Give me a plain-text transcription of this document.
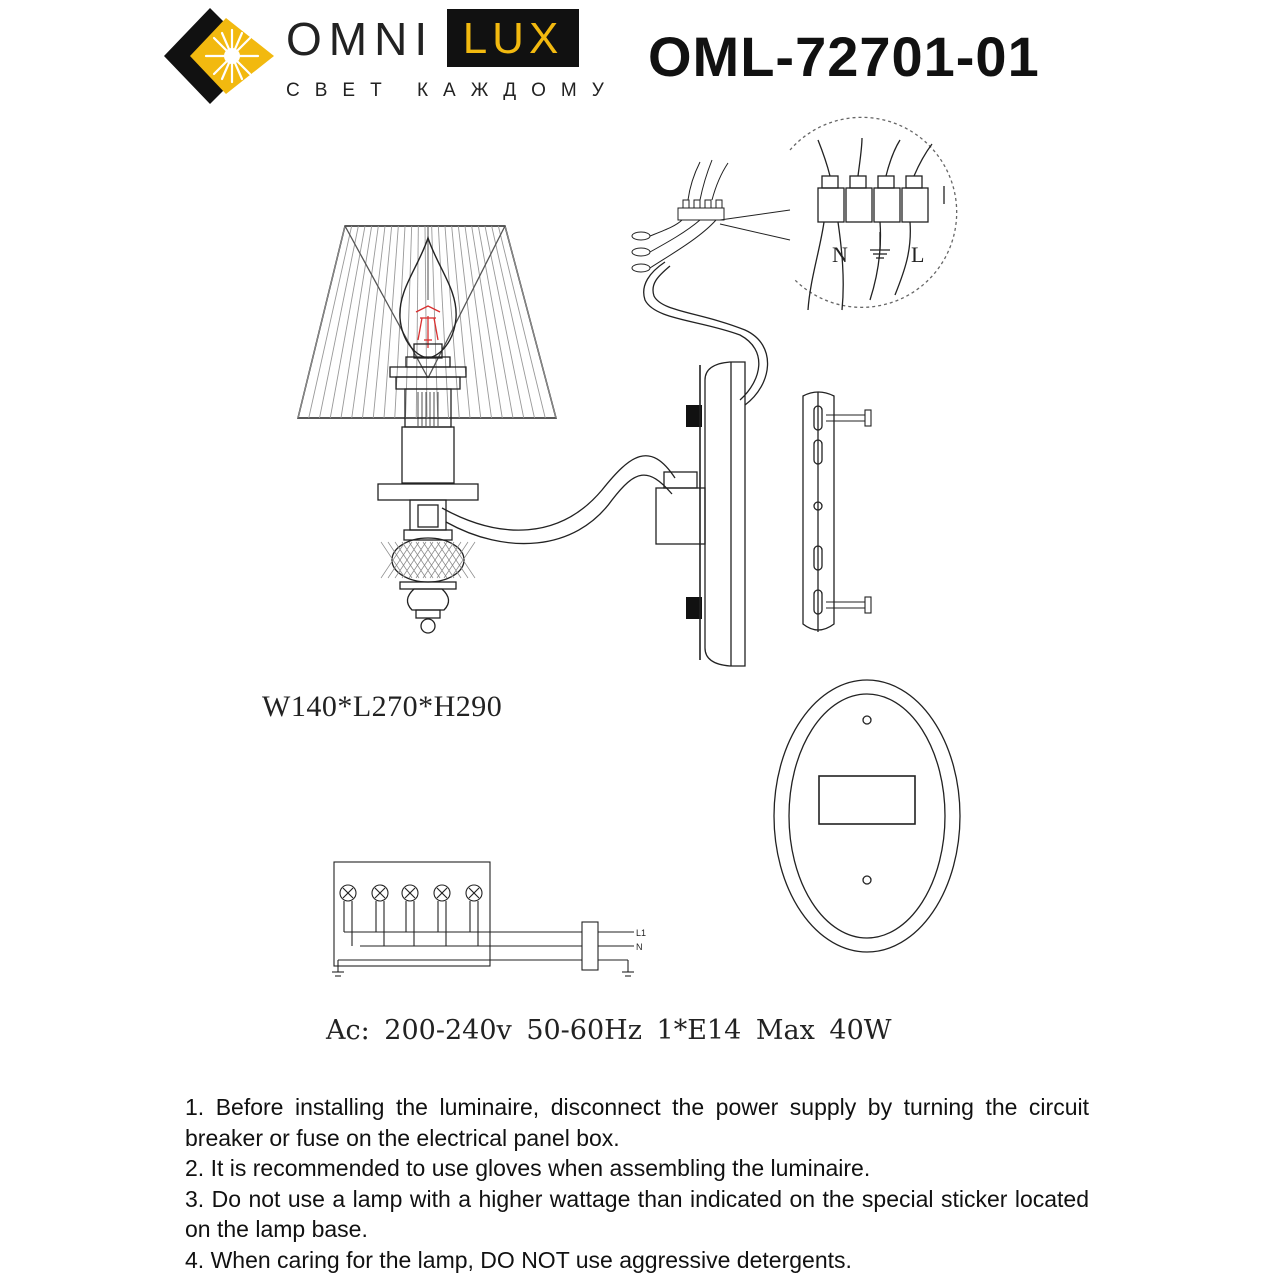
OMNI LUX
СВЕТ КАЖДОМУ
OML-72701-01
N	L
L1
N
W140*L270*H290
Ac: 200-240v 50-60Hz 1*E14 Max 40W

1. Before installing the luminaire, disconnect the power supply by turning the circuit breaker or fuse on the electrical panel box.

2. It is recommended to use gloves when assembling the luminaire.

3. Do not use a lamp with a higher wattage than indicated on the special sticker located on the lamp base.

4. When caring for the lamp, DO NOT use aggressive detergents.
